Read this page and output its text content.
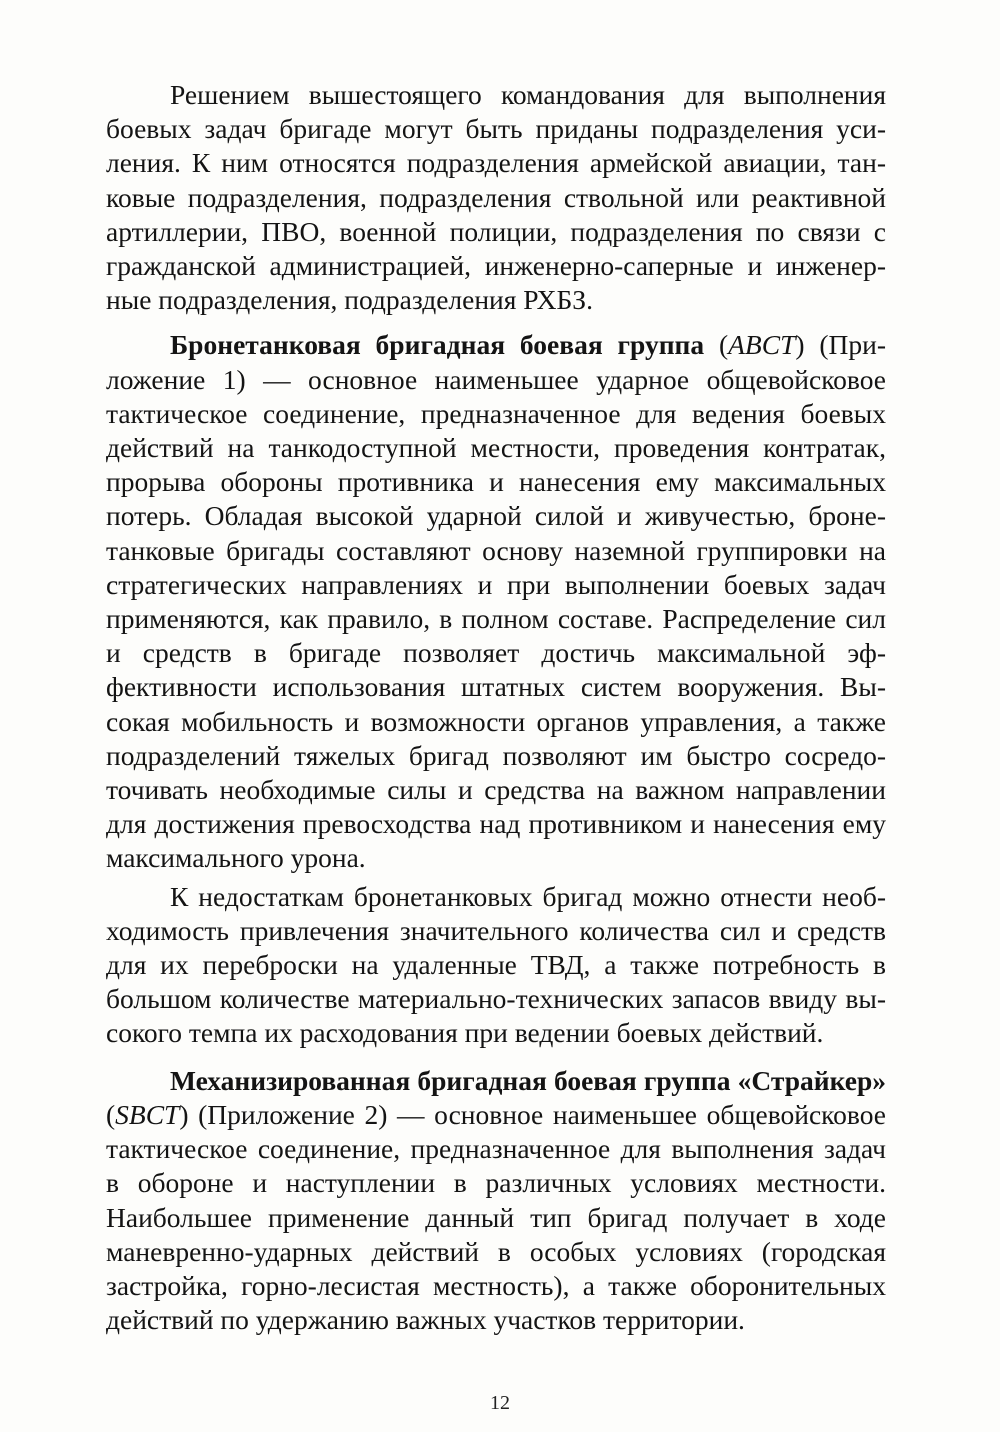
Решением вышестоящего командования для выполнения боевых задач бригаде могут быть приданы подразделения усиления. К ним относятся подразделения армейской авиации, танковые подразделения, подразделения ствольной или реактивной артиллерии, ПВО, военной полиции, подразделения по связи с гражданской администрацией, инженерно-саперные и инженерные подразделения, подразделения РХБЗ.

Бронетанковая бригадная боевая группа (ABCT) (Приложение 1) — основное наименьшее ударное общевойсковое тактическое соединение, предназначенное для ведения боевых действий на танкодоступной местности, проведения контратак, прорыва обороны противника и нанесения ему максимальных потерь. Обладая высокой ударной силой и живучестью, бронетанковые бригады составляют основу наземной группировки на стратегических направлениях и при выполнении боевых задач применяются, как правило, в полном составе. Распределение сил и средств в бригаде позволяет достичь максимальной эффективности использования штатных систем вооружения. Высокая мобильность и возможности органов управления, а также подразделений тяжелых бригад позволяют им быстро сосредоточивать необходимые силы и средства на важном направлении для достижения превосходства над противником и нанесения ему максимального урона.

К недостаткам бронетанковых бригад можно отнести необходимость привлечения значительного количества сил и средств для их переброски на удаленные ТВД, а также потребность в большом количестве материально-технических запасов ввиду высокого темпа их расходования при ведении боевых действий.

Механизированная бригадная боевая группа «Страйкер» (SBCT) (Приложение 2) — основное наименьшее общевойсковое тактическое соединение, предназначенное для выполнения задач в обороне и наступлении в различных условиях местности. Наибольшее применение данный тип бригад получает в ходе маневренно-ударных действий в особых условиях (городская застройка, горно-лесистая местность), а также оборонительных действий по удержанию важных участков территории.

12
